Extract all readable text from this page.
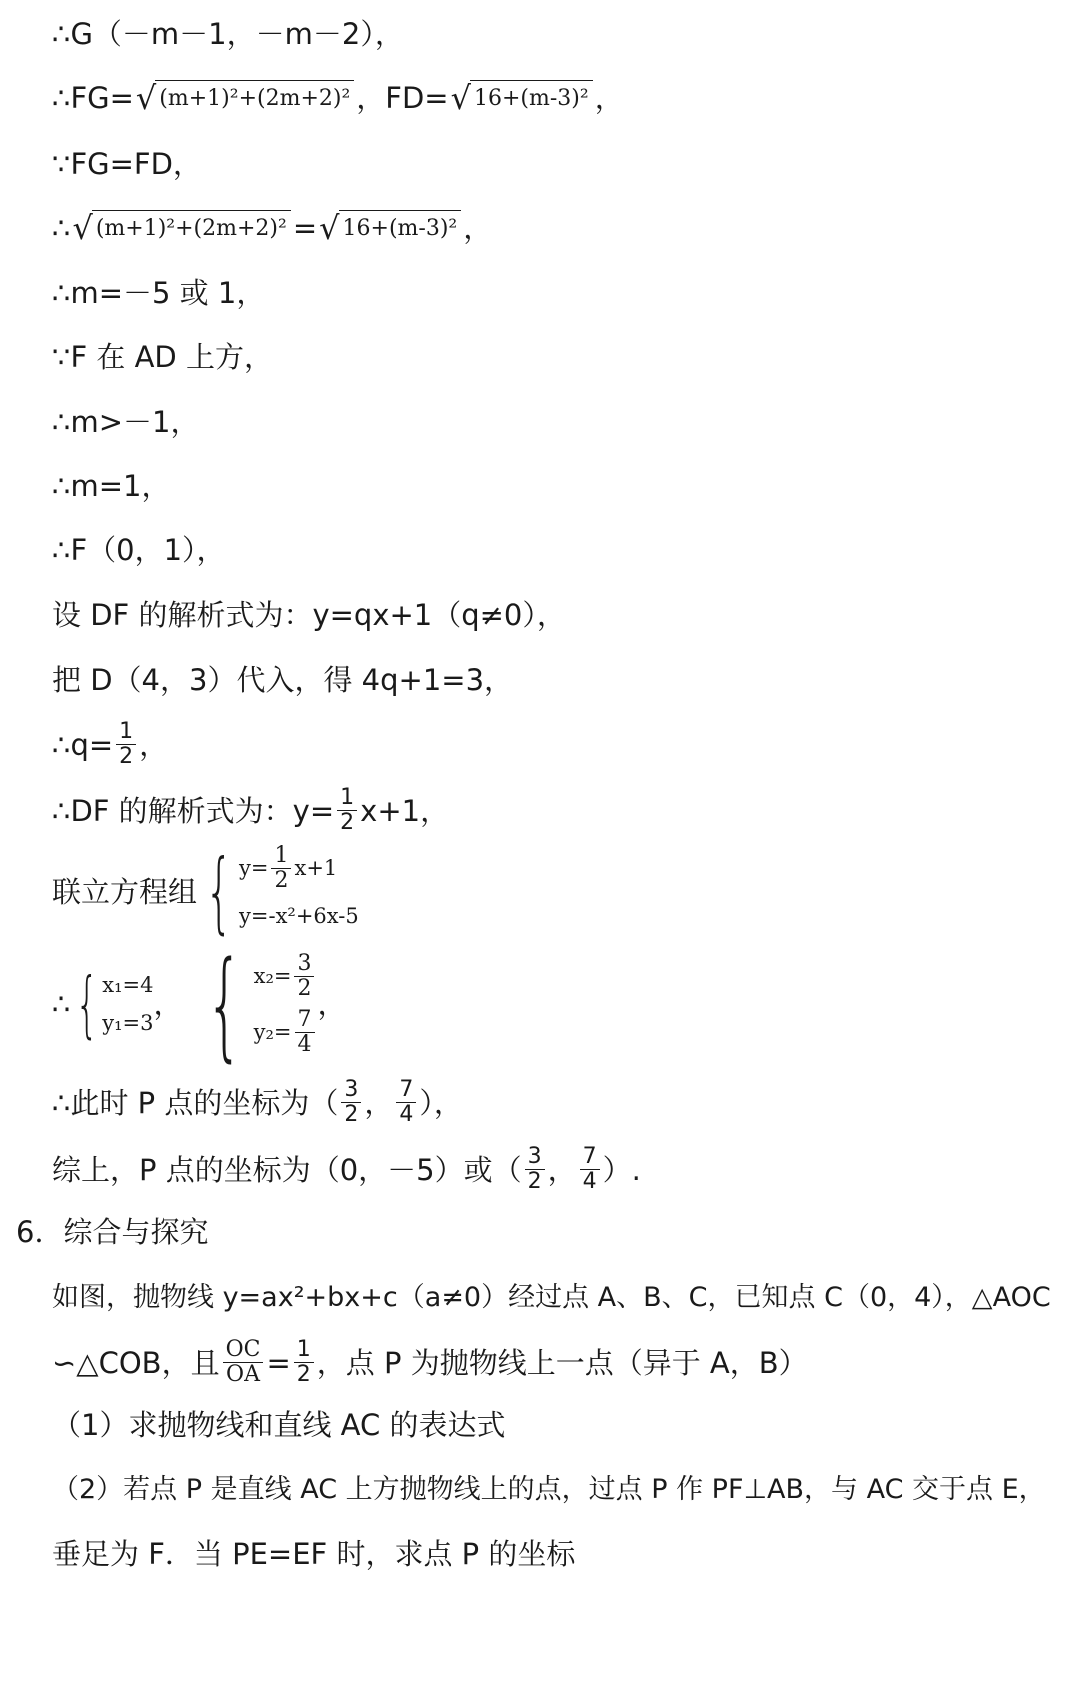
∴G（－m－1，－m－2），
∴FG= √ (m+1)²+(2m+2)² ，FD= √ 16+(m-3)² ，
∵FG=FD，
∴ √ (m+1)²+(2m+2)² = √ 16+(m-3)² ，
∴m=－5 或 1，
∵F 在 AD 上方，
∴m>－1，
∴m=1，
∴F（0，1），
设 DF 的解析式为：y=qx+1（q≠0），
把 D（4，3）代入，得 4q+1=3，
∴q= $\frac{1}{2}$ ，
∴DF 的解析式为：$y= \frac{1}{2} x+1$，
联立方程组 { $y= \frac{1}{2} x+1$
y=-x²+6x-5
∴ { x₁=4
y₁=3
， { $x_2= \frac{3}{2}$
$y_2= \frac{7}{4}$
，
∴此时 P 点的坐标为（ $\frac{3}{2}$ ， $\frac{7}{4}$ ），
综上，P 点的坐标为（0，－5）或（ $\frac{3}{2}$ ， $\frac{7}{4}$ ）.
6．综合与探究
如图，抛物线 y=ax²+bx+c（a≠0）经过点 A、B、C，已知点 C（0，4），△AOC
∽△COB，且 $\frac{OC}{OA} = \frac{1}{2}$ ，点 P 为抛物线上一点（异于 A，B）
（1）求抛物线和直线 AC 的表达式
（2）若点 P 是直线 AC 上方抛物线上的点，过点 P 作 PF⊥AB，与 AC 交于点 E，
垂足为 F．当 PE=EF 时，求点 P 的坐标
